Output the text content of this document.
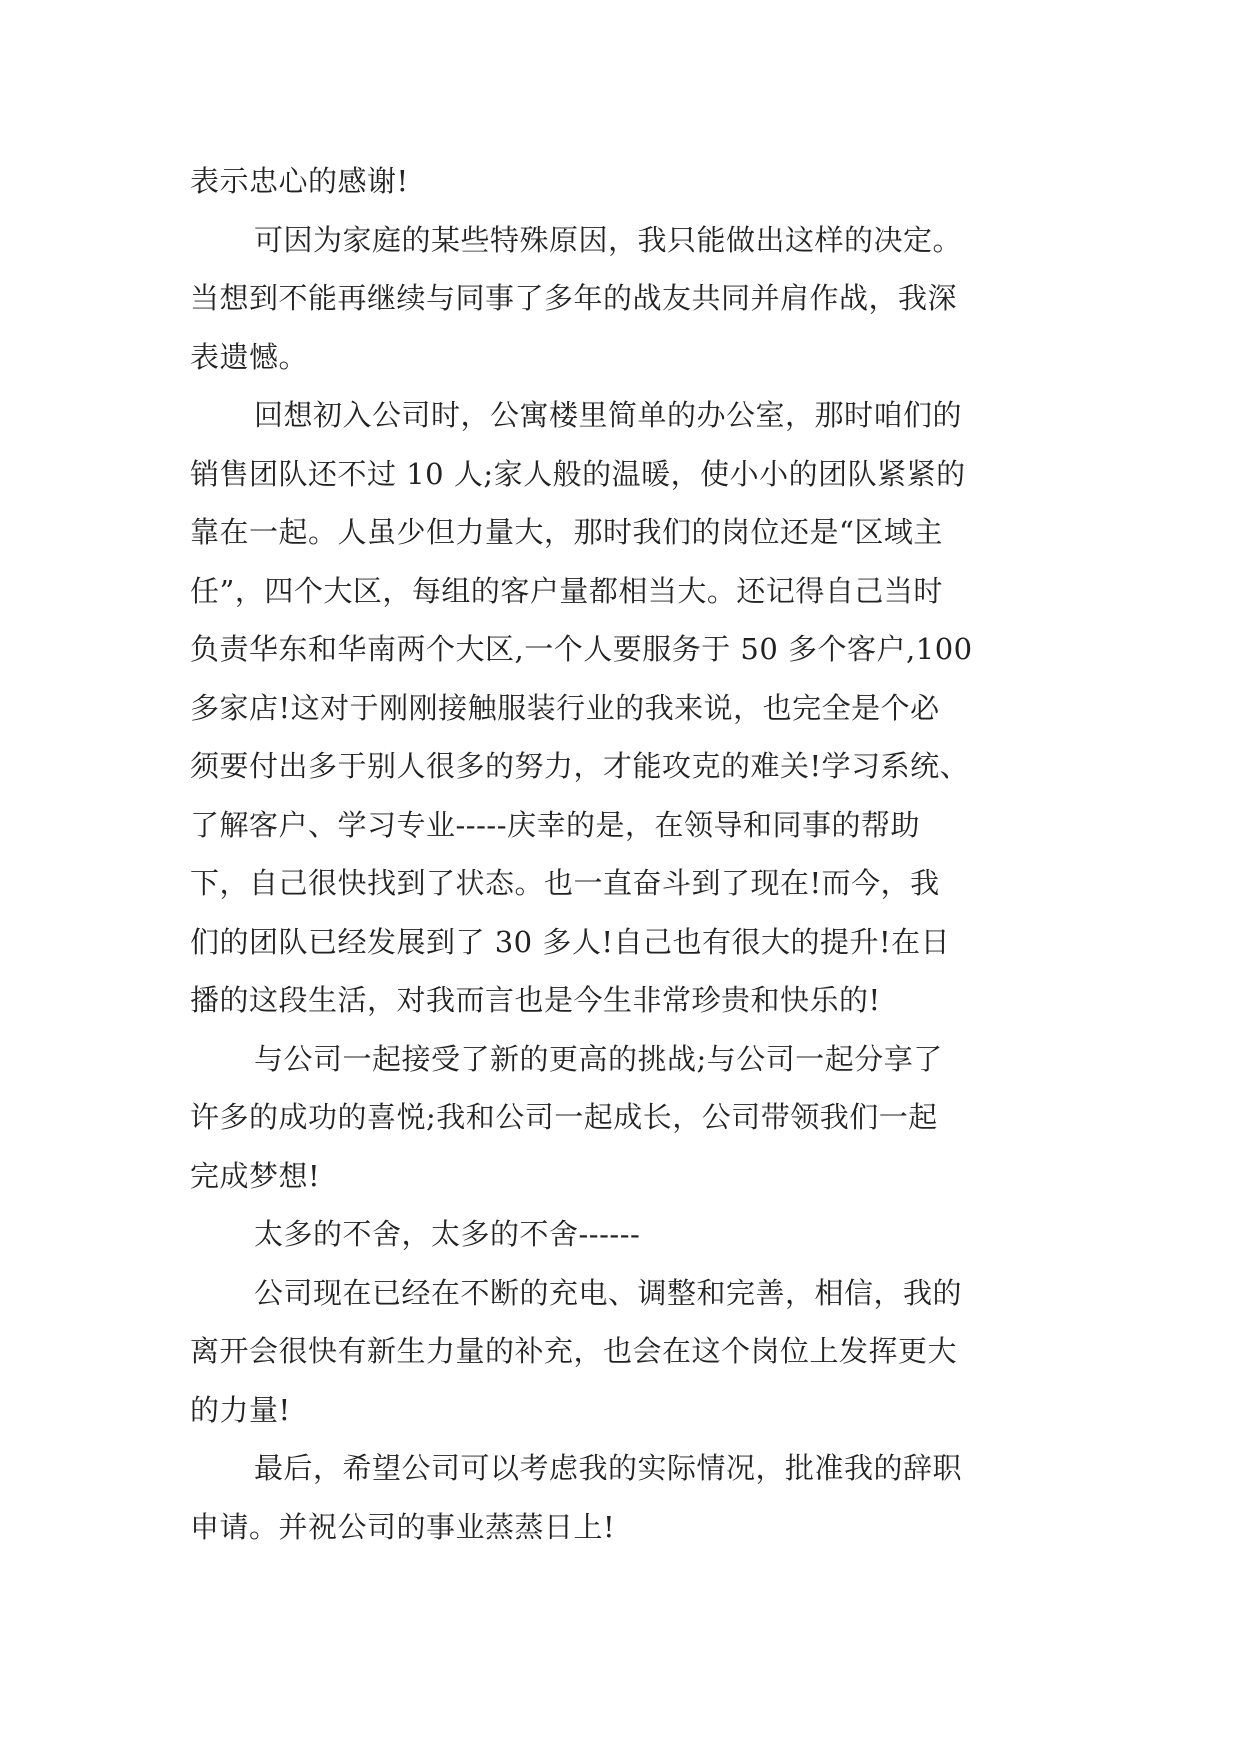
表示忠心的感谢!
可因为家庭的某些特殊原因，我只能做出这样的决定。
当想到不能再继续与同事了多年的战友共同并肩作战，我深
表遗憾。
回想初入公司时，公寓楼里简单的办公室，那时咱们的
销售团队还不过 10 人;家人般的温暖，使小小的团队紧紧的
靠在一起。人虽少但力量大，那时我们的岗位还是“区域主
任”，四个大区，每组的客户量都相当大。还记得自己当时
负责华东和华南两个大区,一个人要服务于 50 多个客户,100
多家店!这对于刚刚接触服装行业的我来说，也完全是个必
须要付出多于别人很多的努力，才能攻克的难关!学习系统、
了解客户、学习专业-----庆幸的是，在领导和同事的帮助
下，自己很快找到了状态。也一直奋斗到了现在!而今，我
们的团队已经发展到了 30 多人!自己也有很大的提升!在日
播的这段生活，对我而言也是今生非常珍贵和快乐的!
与公司一起接受了新的更高的挑战;与公司一起分享了
许多的成功的喜悦;我和公司一起成长，公司带领我们一起
完成梦想!
太多的不舍，太多的不舍------
公司现在已经在不断的充电、调整和完善，相信，我的
离开会很快有新生力量的补充，也会在这个岗位上发挥更大
的力量!
最后，希望公司可以考虑我的实际情况，批准我的辞职
申请。并祝公司的事业蒸蒸日上!
